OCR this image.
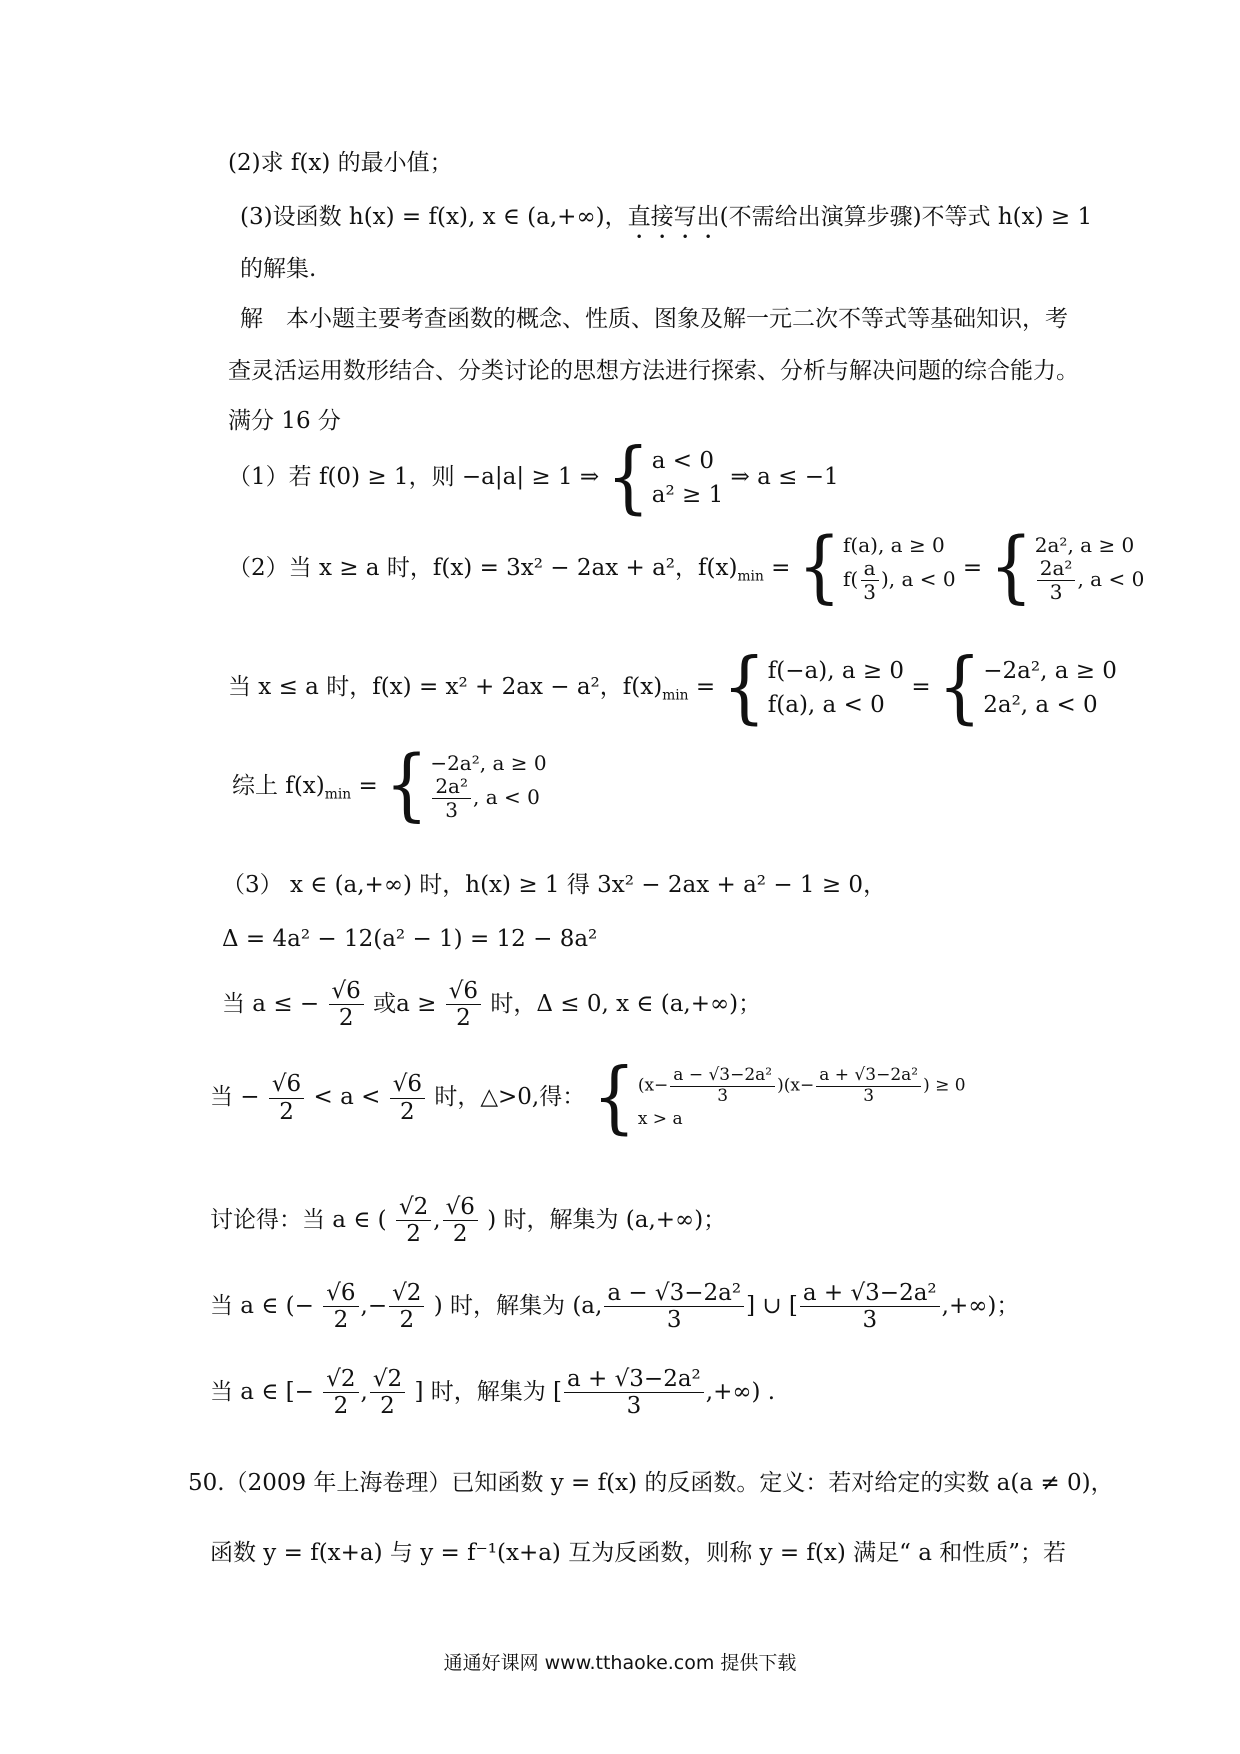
(2)求 f(x) 的最小值；
(3)设函数 h(x) = f(x), x ∈ (a,+∞)，直接写出(不需给出演算步骤)不等式 h(x) ≥ 1
的解集.
解　本小题主要考查函数的概念、性质、图象及解一元二次不等式等基础知识，考
查灵活运用数形结合、分类讨论的思想方法进行探索、分析与解决问题的综合能力。
满分 16 分
（1）若 f(0) ≥ 1，则 −a|a| ≥ 1 ⇒ { a < 0
a² ≥ 1
⇒ a ≤ −1
（2）当 x ≥ a 时，f(x) = 3x² − 2ax + a²，$f(x)_{min}$ = { f(a), a ≥ 0
$f( \frac{a}{3}$ ), a < 0 = { 2a², a ≥ 0
$\frac{\text{2a²}}{3}$ , a < 0
当 x ≤ a 时，f(x) = x² + 2ax − a²，$f(x)_{min}$ = { f(−a), a ≥ 0
f(a), a < 0
= { −2a², a ≥ 0
2a², a < 0
综上 $f(x)_{min}$ = { −2a², a ≥ 0
$\frac{\text{2a²}}{3}$ , a < 0
（3） x ∈ (a,+∞) 时，h(x) ≥ 1 得 3x² − 2ax + a² − 1 ≥ 0，
Δ = 4a² − 12(a² − 1) = 12 − 8a²
当 a ≤ − $\frac{√6}{2}$ 或$a \ge \frac{√6}{2}$ 时，Δ ≤ 0, x ∈ (a,+∞)；
当 − $\frac{√6}{2} < a < \frac{√6}{2}$ 时，△>0,得： { $(x- \frac{\text{a − √3−2a²}}{3} )(x- \frac{\text{a + √3−2a²}}{3}$ ) ≥ 0
x > a
讨论得：当 a ∈ ( $\frac{√2}{2}$ , $\frac{√6}{2}$ ) 时，解集为 (a,+∞)；
当 a ∈ (− $\frac{√6}{2}$ ,− $\frac{√2}{2}$ ) 时，解集为 (a, $\frac{\text{a − √3−2a²}}{3}$ ] ∪ [ $\frac{\text{a + √3−2a²}}{3}$ ,+∞)；
当 a ∈ [− $\frac{√2}{2}$ , $\frac{√2}{2}$ ] 时，解集为 [ $\frac{\text{a + √3−2a²}}{3}$ ,+∞) .
50.（2009 年上海卷理）已知函数 y = f(x) 的反函数。定义：若对给定的实数 a(a ≠ 0)，
函数 y = f(x+a) 与 y = f⁻¹(x+a) 互为反函数，则称 y = f(x) 满足“ a 和性质”；若
通通好课网 www.tthaoke.com 提供下载
